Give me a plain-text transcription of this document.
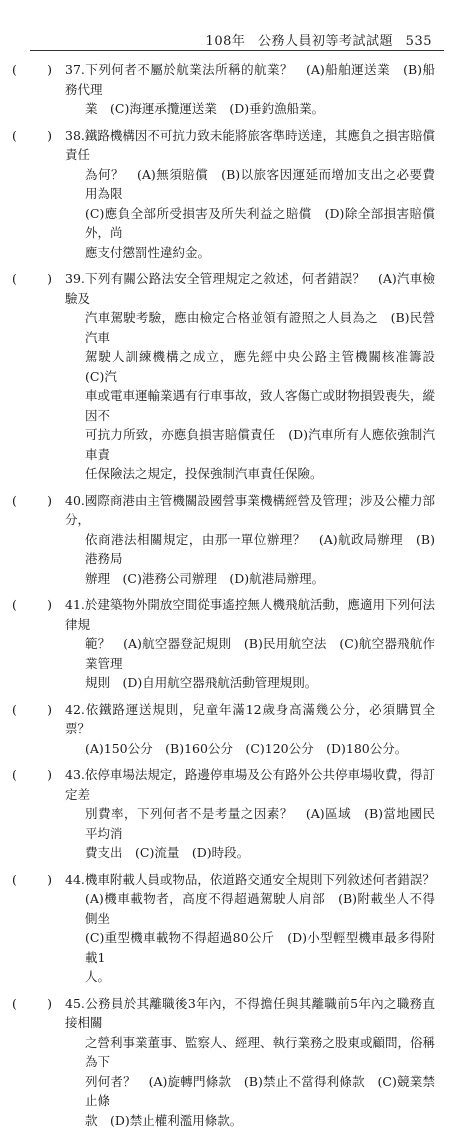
108年 公務人員初等考試試題 535
( ) 37.下列何者不屬於航業法所稱的航業？　(A)船舶運送業　(B)船務代理

業　(C)海運承攬運送業　(D)垂釣漁船業。

( ) 38.鐵路機構因不可抗力致未能將旅客準時送達，其應負之損害賠償責任

為何？　(A)無須賠償　(B)以旅客因運延而增加支出之必要費用為限

(C)應負全部所受損害及所失利益之賠償　(D)除全部損害賠償外，尚

應支付懲罰性違約金。

( ) 39.下列有關公路法安全管理規定之敘述，何者錯誤？　(A)汽車檢驗及

汽車駕駛考驗，應由檢定合格並領有證照之人員為之　(B)民營汽車

駕駛人訓練機構之成立，應先經中央公路主管機關核准籌設　(C)汽

車或電車運輸業遇有行車事故，致人客傷亡或財物損毀喪失，縱因不

可抗力所致，亦應負損害賠償責任　(D)汽車所有人應依強制汽車責

任保險法之規定，投保強制汽車責任保險。

( ) 40.國際商港由主管機關設國營事業機構經營及管理；涉及公權力部分，

依商港法相關規定，由那一單位辦理？　(A)航政局辦理　(B)港務局

辦理　(C)港務公司辦理　(D)航港局辦理。

( ) 41.於建築物外開放空間從事遙控無人機飛航活動，應適用下列何法律規

範？　(A)航空器登記規則　(B)民用航空法　(C)航空器飛航作業管理

規則　(D)自用航空器飛航活動管理規則。

( ) 42.依鐵路運送規則，兒童年滿12歲身高滿幾公分，必須購買全票？

(A)150公分　(B)160公分　(C)120公分　(D)180公分。

( ) 43.依停車場法規定，路邊停車場及公有路外公共停車場收費，得訂定差

別費率，下列何者不是考量之因素？　(A)區域　(B)當地國民平均消

費支出　(C)流量　(D)時段。

( ) 44.機車附載人員或物品，依道路交通安全規則下列敘述何者錯誤？

(A)機車載物者，高度不得超過駕駛人肩部　(B)附載坐人不得側坐

(C)重型機車載物不得超過80公斤　(D)小型輕型機車最多得附載1

人。

( ) 45.公務員於其離職後3年內，不得擔任與其離職前5年內之職務直接相關

之營利事業董事、監察人、經理、執行業務之股東或顧問，俗稱為下

列何者？　(A)旋轉門條款　(B)禁止不當得利條款　(C)競業禁止條

款　(D)禁止權利濫用條款。
